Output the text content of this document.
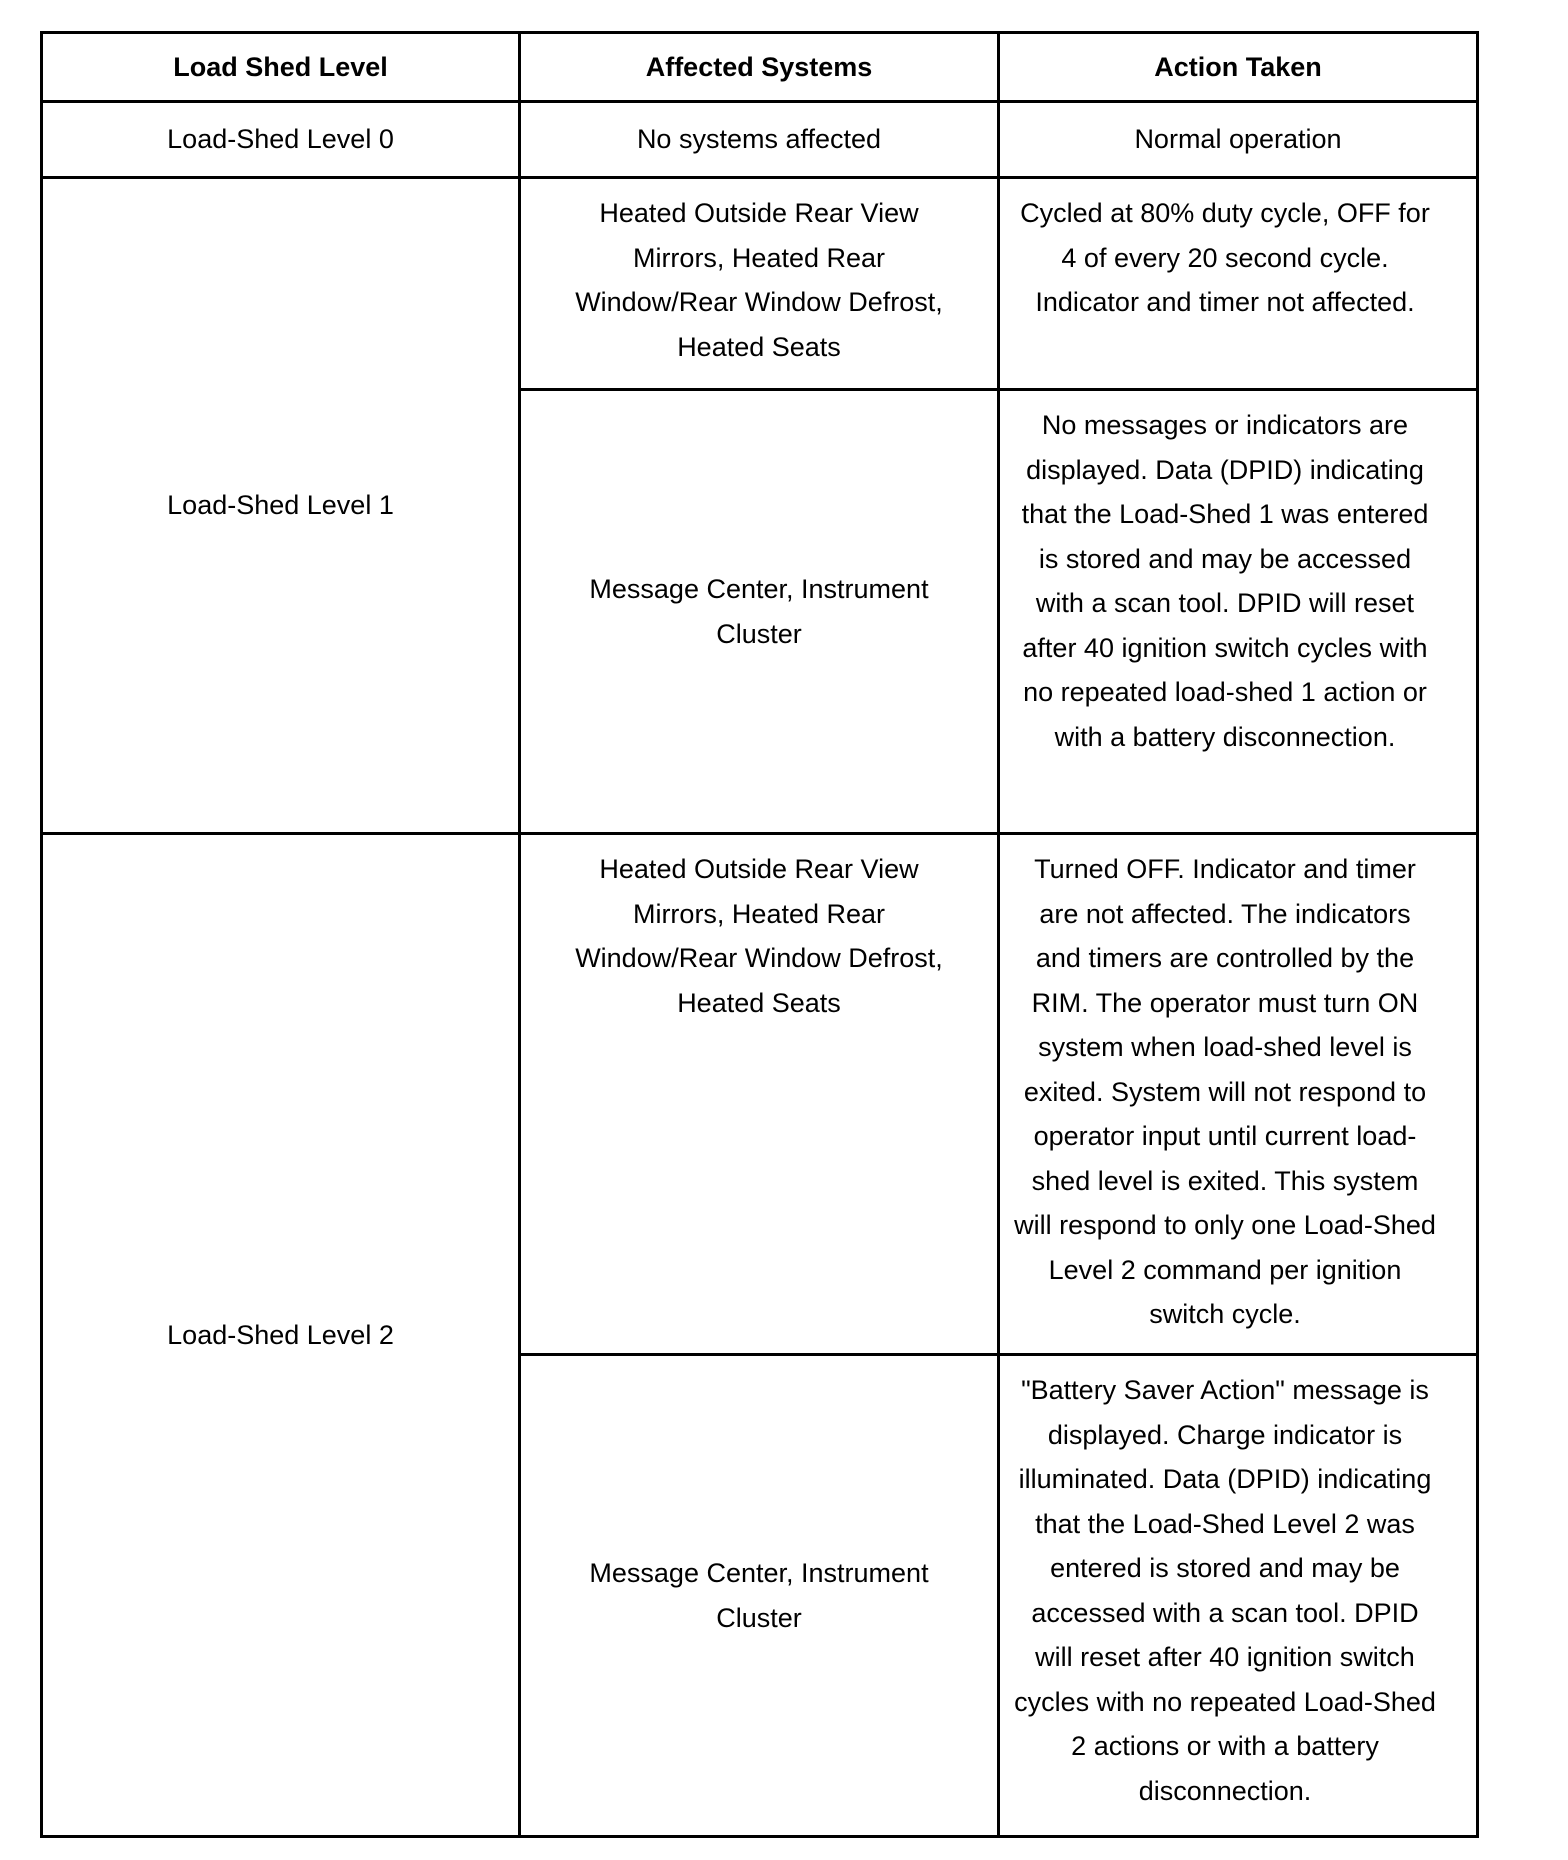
Load Shed Level	Affected Systems	Action Taken
Load-Shed Level 0	No systems affected	Normal operation
Load-Shed Level 1	Heated Outside Rear View Mirrors, Heated Rear Window/Rear Window Defrost, Heated Seats	Cycled at 80% duty cycle, OFF for 4 of every 20 second cycle. Indicator and timer not affected.
	Message Center, Instrument Cluster	No messages or indicators are displayed. Data (DPID) indicating that the Load-Shed 1 was entered is stored and may be accessed with a scan tool. DPID will reset after 40 ignition switch cycles with no repeated load-shed 1 action or with a battery disconnection.
Load-Shed Level 2	Heated Outside Rear View Mirrors, Heated Rear Window/Rear Window Defrost, Heated Seats	Turned OFF. Indicator and timer are not affected. The indicators and timers are controlled by the RIM. The operator must turn ON system when load-shed level is exited. System will not respond to operator input until current load-shed level is exited. This system will respond to only one Load-Shed Level 2 command per ignition switch cycle.
	Message Center, Instrument Cluster	"Battery Saver Action" message is displayed. Charge indicator is illuminated. Data (DPID) indicating that the Load-Shed Level 2 was entered is stored and may be accessed with a scan tool. DPID will reset after 40 ignition switch cycles with no repeated Load-Shed 2 actions or with a battery disconnection.
